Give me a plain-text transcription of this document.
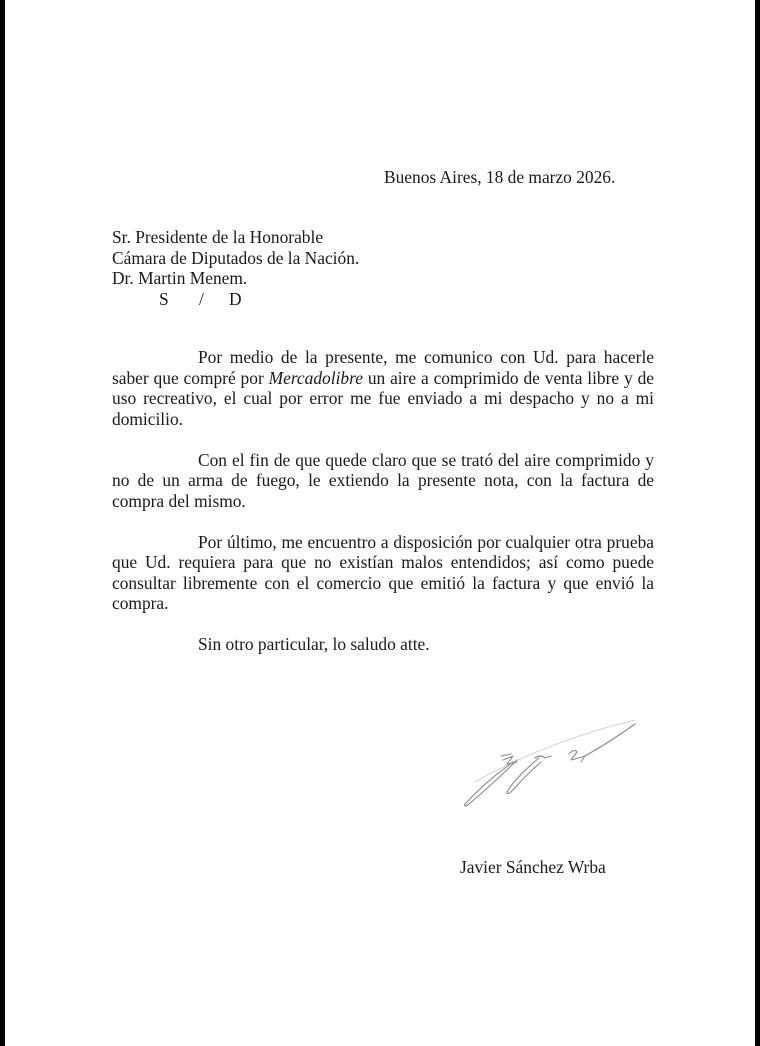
Buenos Aires, 18 de marzo 2026.
Sr. Presidente de la Honorable
Cámara de Diputados de la Nación.
Dr. Martin Menem.
S / D

Por medio de la presente, me comunico con Ud. para hacerle saber que compré por Mercadolibre un aire a comprimido de venta libre y de uso recreativo, el cual por error me fue enviado a mi despacho y no a mi domicilio.

Con el fin de que quede claro que se trató del aire comprimido y no de un arma de fuego, le extiendo la presente nota, con la factura de compra del mismo.

Por último, me encuentro a disposición por cualquier otra prueba que Ud. requiera para que no existían malos entendidos; así como puede consultar libremente con el comercio que emitió la factura y que envió la compra.

Sin otro particular, lo saludo atte.

Javier Sánchez Wrba
